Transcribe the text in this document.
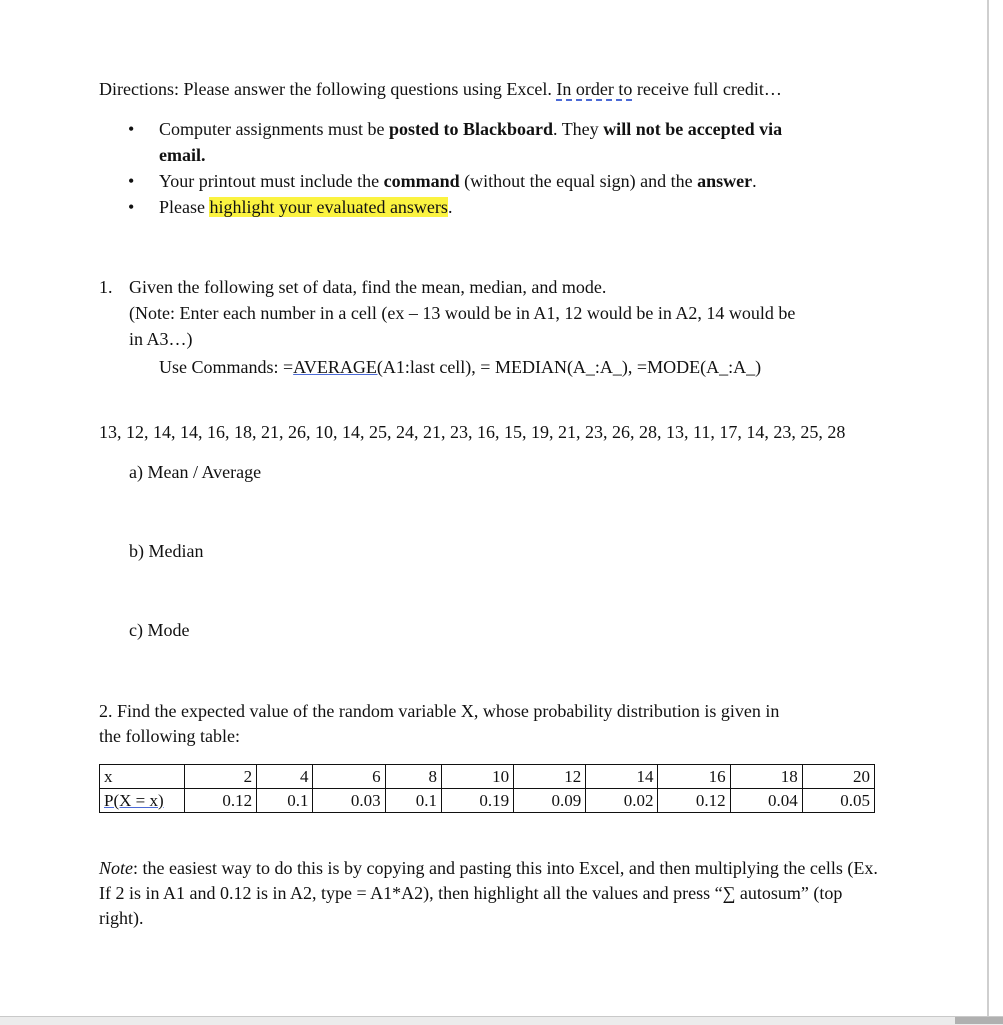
Directions: Please answer the following questions using Excel. In order to receive full credit…
• Computer assignments must be posted to Blackboard. They will not be accepted via
email.
• Your printout must include the command (without the equal sign) and the answer.
• Please highlight your evaluated answers.
1. Given the following set of data, find the mean, median, and mode.
(Note: Enter each number in a cell (ex – 13 would be in A1, 12 would be in A2, 14 would be
in A3…)
Use Commands: =AVERAGE(A1:last cell), = MEDIAN(A_:A_), =MODE(A_:A_)
13, 12, 14, 14, 16, 18, 21, 26, 10, 14, 25, 24, 21, 23, 16, 15, 19, 21, 23, 26, 28, 13, 11, 17, 14, 23, 25, 28
a) Mean / Average
b) Median
c) Mode
2. Find the expected value of the random variable X, whose probability distribution is given in
the following table:
x	2	4	6	8	10	12	14	16	18	20
P(X = x)	0.12	0.1	0.03	0.1	0.19	0.09	0.02	0.12	0.04	0.05
Note: the easiest way to do this is by copying and pasting this into Excel, and then multiplying the cells (Ex. If 2 is in A1 and 0.12 is in A2, type = A1*A2), then highlight all the values and press “∑ autosum” (top right).
